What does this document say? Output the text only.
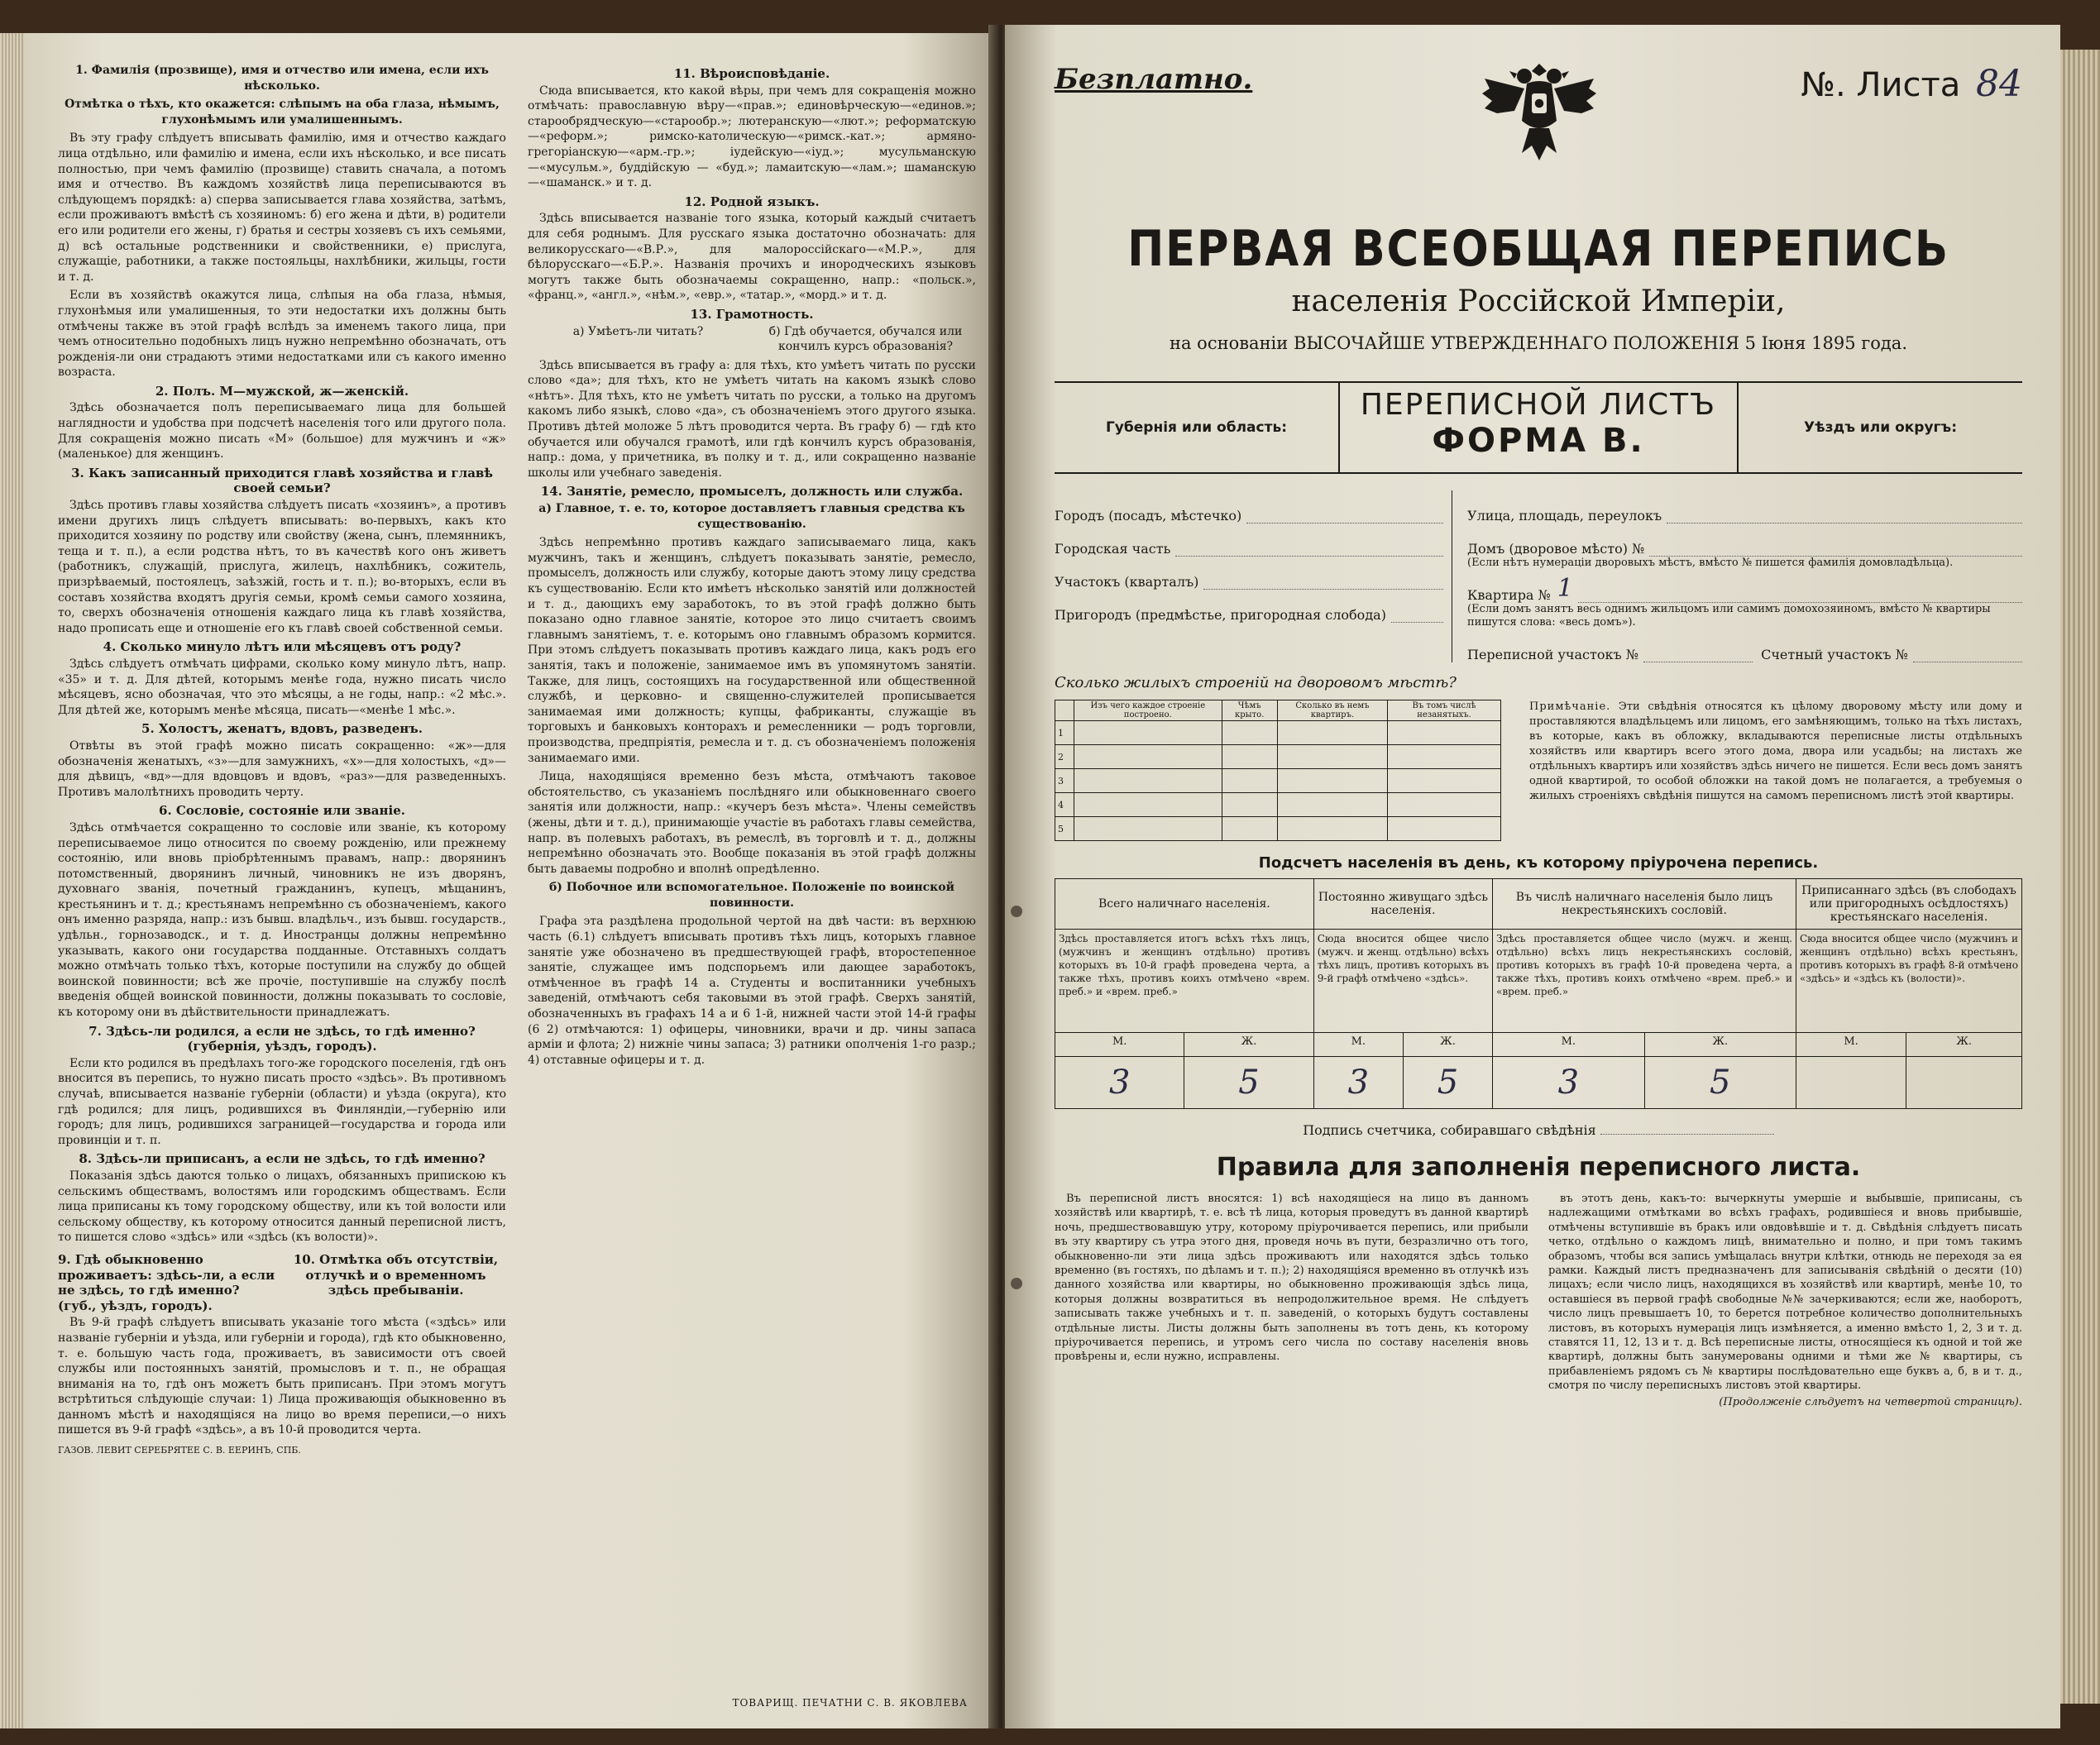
1. Фамилія (прозвище), имя и отчество или имена, если ихъ нѣсколько.

Отмѣтка о тѣхъ, кто окажется: слѣпымъ на оба глаза, нѣмымъ, глухонѣмымъ или умалишеннымъ.

Въ эту графу слѣдуетъ вписывать фамилію, имя и отчество каждаго лица отдѣльно, или фамилію и имена, если ихъ нѣсколько, и все писать полностью, при чемъ фамилію (прозвище) ставить сначала, а потомъ имя и отчество. Въ каждомъ хозяйствѣ лица переписываются въ слѣдующемъ порядкѣ: а) сперва записывается глава хозяйства, затѣмъ, если проживаютъ вмѣстѣ съ хозяиномъ: б) его жена и дѣти, в) родители его или родители его жены, г) братья и сестры хозяевъ съ ихъ семьями, д) всѣ остальные родственники и свойственники, е) прислуга, служащіе, работники, а также постояльцы, нахлѣбники, жильцы, гости и т. д.

Если въ хозяйствѣ окажутся лица, слѣпыя на оба глаза, нѣмыя, глухонѣмыя или умалишенныя, то эти недостатки ихъ должны быть отмѣчены также въ этой графѣ вслѣдъ за именемъ такого лица, при чемъ относительно подобныхъ лицъ нужно непремѣнно обозначать, отъ рожденія-ли они страдаютъ этими недостатками или съ какого именно возраста.

2. Полъ. М—мужской, ж—женскій.

Здѣсь обозначается полъ переписываемаго лица для большей наглядности и удобства при подсчетѣ населенія того или другого пола. Для сокращенія можно писать «М» (большое) для мужчинъ и «ж» (маленькое) для женщинъ.

3. Какъ записанный приходится главѣ хозяйства и главѣ своей семьи?

Здѣсь противъ главы хозяйства слѣдуетъ писать «хозяинъ», а противъ имени другихъ лицъ слѣдуетъ вписывать: во-первыхъ, какъ кто приходится хозяину по родству или свойству (жена, сынъ, племянникъ, теща и т. п.), а если родства нѣтъ, то въ качествѣ кого онъ живетъ (работникъ, служащій, прислуга, жилецъ, нахлѣбникъ, сожитель, призрѣваемый, постоялецъ, заѣзжій, гость и т. п.); во-вторыхъ, если въ составъ хозяйства входятъ другія семьи, кромѣ семьи самого хозяина, то, сверхъ обозначенія отношенія каждаго лица къ главѣ хозяйства, надо прописать еще и отношеніе его къ главѣ своей собственной семьи.

4. Сколько минуло лѣтъ или мѣсяцевъ отъ роду?

Здѣсь слѣдуетъ отмѣчать цифрами, сколько кому минуло лѣтъ, напр. «35» и т. д. Для дѣтей, которымъ менѣе года, нужно писать число мѣсяцевъ, ясно обозначая, что это мѣсяцы, а не годы, напр.: «2 мѣс.». Для дѣтей же, которымъ менѣе мѣсяца, писать—«менѣе 1 мѣс.».

5. Холостъ, женатъ, вдовъ, разведенъ.

Отвѣты въ этой графѣ можно писать сокращенно: «ж»—для обозначенія женатыхъ, «з»—для замужнихъ, «х»—для холостыхъ, «д»—для дѣвицъ, «вд»—для вдовцовъ и вдовъ, «раз»—для разведенныхъ. Противъ малолѣтнихъ проводить черту.

6. Сословіе, состояніе или званіе.

Здѣсь отмѣчается сокращенно то сословіе или званіе, къ которому переписываемое лицо относится по своему рожденію, или прежнему состоянію, или вновь пріобрѣтеннымъ правамъ, напр.: дворянинъ потомственный, дворянинъ личный, чиновникъ не изъ дворянъ, духовнаго званія, почетный гражданинъ, купецъ, мѣщанинъ, крестьянинъ и т. д.; крестьянамъ непремѣнно съ обозначеніемъ, какого онъ именно разряда, напр.: изъ бывш. владѣльч., изъ бывш. государств., удѣльн., горнозаводск., и т. д. Иностранцы должны непремѣнно указывать, какого они государства подданные. Отставныхъ солдатъ можно отмѣчать только тѣхъ, которые поступили на службу до общей воинской повинности; всѣ же прочіе, поступившіе на службу послѣ введенія общей воинской повинности, должны показывать то сословіе, къ которому они въ дѣйствительности принадлежатъ.

7. Здѣсь-ли родился, а если не здѣсь, то гдѣ именно? (губернія, уѣздъ, городъ).

Если кто родился въ предѣлахъ того-же городского поселенія, гдѣ онъ вносится въ перепись, то нужно писать просто «здѣсь». Въ противномъ случаѣ, вписывается названіе губерніи (области) и уѣзда (округа), кто гдѣ родился; для лицъ, родившихся въ Финляндіи,—губернію или городъ; для лицъ, родившихся заграницей—государства и города или провинціи и т. п.

8. Здѣсь-ли приписанъ, а если не здѣсь, то гдѣ именно?

Показанія здѣсь даются только о лицахъ, обязанныхъ припискою къ сельскимъ обществамъ, волостямъ или городскимъ обществамъ. Если лица приписаны къ тому городскому обществу, или къ той волости или сельскому обществу, къ которому относится данный переписной листъ, то пишется слово «здѣсь» или «здѣсь (къ волости)».

9. Гдѣ обыкновенно проживаетъ: здѣсь-ли, а если не здѣсь, то гдѣ именно? (губ., уѣздъ, городъ).
10. Отмѣтка объ отсутствіи, отлучкѣ и о временномъ здѣсь пребываніи.

Въ 9-й графѣ слѣдуетъ вписывать указаніе того мѣста («здѣсь» или названіе губерніи и уѣзда, или губерніи и города), гдѣ кто обыкновенно, т. е. большую часть года, проживаетъ, въ зависимости отъ своей службы или постоянныхъ занятій, промысловъ и т. п., не обращая вниманія на то, гдѣ онъ можетъ быть приписанъ. При этомъ могутъ встрѣтиться слѣдующіе случаи: 1) Лица проживающія обыкновенно въ данномъ мѣстѣ и находящіяся на лицо во время переписи,—о нихъ пишется въ 9-й графѣ «здѣсь», а въ 10-й проводится черта.

ГАЗОВ. ЛЕВИТ СЕРЕБРЯТЕЕ С. В. ЕЕРИНЪ, СПБ.

11. Вѣроисповѣданіе.

Сюда вписывается, кто какой вѣры, при чемъ для сокращенія можно отмѣчать: православную вѣру—«прав.»; единовѣрческую—«единов.»; старообрядческую—«старообр.»; лютеранскую—«лют.»; реформатскую—«реформ.»; римско-католическую—«римск.-кат.»; армяно-грегоріанскую—«арм.-гр.»; іудейскую—«іуд.»; мусульманскую—«мусульм.», буддійскую — «буд.»; ламаитскую—«лам.»; шаманскую—«шаманск.» и т. д.

12. Родной языкъ.

Здѣсь вписывается названіе того языка, который каждый считаетъ для себя роднымъ. Для русскаго языка достаточно обозначать: для великорусскаго—«В.Р.», для малороссійскаго—«М.Р.», для бѣлорусскаго—«Б.Р.». Названія прочихъ и инородческихъ языковъ могутъ также быть обозначаемы сокращенно, напр.: «польск.», «франц.», «англ.», «нѣм.», «евр.», «татар.», «морд.» и т. д.

13. Грамотность.

а) Умѣетъ-ли читать?	б) Гдѣ обучается, обучался или кончилъ курсъ образованія?

Здѣсь вписывается въ графу а: для тѣхъ, кто умѣетъ читать по русски слово «да»; для тѣхъ, кто не умѣетъ читать на какомъ языкѣ слово «нѣтъ». Для тѣхъ, кто не умѣетъ читать по русски, а только на другомъ какомъ либо языкѣ, слово «да», съ обозначеніемъ этого другого языка. Противъ дѣтей моложе 5 лѣтъ проводится черта. Въ графу б) — гдѣ кто обучается или обучался грамотѣ, или гдѣ кончилъ курсъ образованія, напр.: дома, у причетника, въ полку и т. д., или сокращенно названіе школы или учебнаго заведенія.

14. Занятіе, ремесло, промыселъ, должность или служба.

а) Главное, т. е. то, которое доставляетъ главныя средства къ существованію.

Здѣсь непремѣнно противъ каждаго записываемаго лица, какъ мужчинъ, такъ и женщинъ, слѣдуетъ показывать занятіе, ремесло, промыселъ, должность или службу, которые даютъ этому лицу средства къ существованію. Если кто имѣетъ нѣсколько занятій или должностей и т. д., дающихъ ему заработокъ, то въ этой графѣ должно быть показано одно главное занятіе, которое это лицо считаетъ своимъ главнымъ занятіемъ, т. е. которымъ оно главнымъ образомъ кормится. При этомъ слѣдуетъ показывать противъ каждаго лица, какъ родъ его занятія, такъ и положеніе, занимаемое имъ въ упомянутомъ занятіи. Также, для лицъ, состоящихъ на государственной или общественной службѣ, и церковно- и священно-служителей прописывается занимаемая ими должность; купцы, фабриканты, служащіе въ торговыхъ и банковыхъ конторахъ и ремесленники — родъ торговли, производства, предпріятія, ремесла и т. д. съ обозначеніемъ положенія занимаемаго ими.

Лица, находящіяся временно безъ мѣста, отмѣчаютъ таковое обстоятельство, съ указаніемъ послѣдняго или обыкновеннаго своего занятія или должности, напр.: «кучеръ безъ мѣста». Члены семействъ (жены, дѣти и т. д.), принимающіе участіе въ работахъ главы семейства, напр. въ полевыхъ работахъ, въ ремеслѣ, въ торговлѣ и т. д., должны непремѣнно обозначать это. Вообще показанія въ этой графѣ должны быть даваемы подробно и вполнѣ опредѣленно.

б) Побочное или вспомогательное. Положеніе по воинской повинности.

Графа эта раздѣлена продольной чертой на двѣ части: въ верхнюю часть (6.1) слѣдуетъ вписывать противъ тѣхъ лицъ, которыхъ главное занятіе уже обозначено въ предшествующей графѣ, второстепенное занятіе, служащее имъ подспорьемъ или дающее заработокъ, отмѣченное въ графѣ 14 а. Студенты и воспитанники учебныхъ заведеній, отмѣчаютъ себя таковыми въ этой графѣ. Сверхъ занятій, обозначенныхъ въ графахъ 14 а и 6 1-й, нижней части этой 14-й графы (6 2) отмѣчаются: 1) офицеры, чиновники, врачи и др. чины запаса арміи и флота; 2) нижніе чины запаса; 3) ратники ополченія 1-го разр.; 4) отставные офицеры и т. д.

ТОВАРИЩ. ПЕЧАТНИ С. В. ЯКОВЛЕВА
Безплатно.	№. Листа 84
ПЕРВАЯ ВСЕОБЩАЯ ПЕРЕПИСЬ
населенія Россійской Имперіи,
на основаніи ВЫСОЧАЙШЕ УТВЕРЖДЕННАГО ПОЛОЖЕНІЯ 5 Іюня 1895 года.
Губернія или область:
ПЕРЕПИСНОЙ ЛИСТЪ
ФОРМА В.	Уѣздъ или округъ:
Городъ (посадъ, мѣстечко)
Городская часть
Участокъ (кварталъ)
Пригородъ (предмѣстье, пригородная слобода)
Улица, площадь, переулокъ
Домъ (дворовое мѣсто) №
(Если нѣтъ нумераціи дворовыхъ мѣстъ, вмѣсто № пишется фамилія домовладѣльца).
Квартира № 1
(Если домъ занятъ весь однимъ жильцомъ или самимъ домохозяиномъ, вмѣсто № квартиры пишутся слова: «весь домъ»).
Переписной участокъ №	Счетный участокъ №
Сколько жилыхъ строеній на дворовомъ мѣстѣ?
	Изъ чего каждое строеніе построено.	Чѣмъ крыто.	Сколько въ немъ квартиръ.	Въ томъ числѣ незанятыхъ.
1				
2				
3				
4				
5				
Примѣчаніе. Эти свѣдѣнія относятся къ цѣлому дворовому мѣсту или дому и проставляются владѣльцемъ или лицомъ, его замѣняющимъ, только на тѣхъ листахъ, въ которые, какъ въ обложку, вкладываются переписные листы отдѣльныхъ хозяйствъ или квартиръ всего этого дома, двора или усадьбы; на листахъ же отдѣльныхъ квартиръ или хозяйствъ здѣсь ничего не пишется. Если весь домъ занятъ одной квартирой, то особой обложки на такой домъ не полагается, а требуемыя о жилыхъ строеніяхъ свѣдѣнія пишутся на самомъ переписномъ листѣ этой квартиры.
Подсчетъ населенія въ день, къ которому пріурочена перепись.
Всего наличнаго населенія.		Постоянно живущаго здѣсь населенія.		Въ числѣ наличнаго населенія было лицъ некрестьянскихъ сословій.		Приписаннаго здѣсь (въ слободахъ или пригородныхъ осѣдлостяхъ) крестьянскаго населенія.	
Здѣсь проставляется итогъ всѣхъ тѣхъ лицъ, (мужчинъ и женщинъ отдѣльно) противъ которыхъ въ 10-й графѣ проведена черта, а также тѣхъ, противъ коихъ отмѣчено «врем. преб.» и «врем. преб.»		Сюда вносится общее число (мужч. и женщ. отдѣльно) всѣхъ тѣхъ лицъ, противъ которыхъ въ 9-й графѣ отмѣчено «здѣсь».		Здѣсь проставляется общее число (мужч. и женщ. отдѣльно) всѣхъ лицъ некрестьянскихъ сословій, противъ которыхъ въ графѣ 10-й проведена черта, а также тѣхъ, противъ коихъ отмѣчено «врем. преб.» и «врем. преб.»		Сюда вносится общее число (мужчинъ и женщинъ отдѣльно) всѣхъ крестьянъ, противъ которыхъ въ графѣ 8-й отмѣчено «здѣсь» и «здѣсь къ (волости)».	
М.	Ж.	М.	Ж.	М.	Ж.	М.	Ж.
3	5	3	5	3	5		
Подпись счетчика, собиравшаго свѣдѣнія
Правила для заполненія переписного листа.

Въ переписной листъ вносятся: 1) всѣ находящіеся на лицо въ данномъ хозяйствѣ или квартирѣ, т. е. всѣ тѣ лица, которыя проведутъ въ данной квартирѣ ночь, предшествовавшую утру, которому пріурочивается перепись, или прибыли въ эту квартиру съ утра этого дня, проведя ночь въ пути, безразлично отъ того, обыкновенно-ли эти лица здѣсь проживаютъ или находятся здѣсь только временно (въ гостяхъ, по дѣламъ и т. п.); 2) находящіяся временно въ отлучкѣ изъ данного хозяйства или квартиры, но обыкновенно проживающія здѣсь лица, которыя должны возвратиться въ непродолжительное время. Не слѣдуетъ записывать также учебныхъ и т. п. заведеній, о которыхъ будутъ составлены отдѣльные листы. Листы должны быть заполнены въ тотъ день, къ которому пріурочивается перепись, и утромъ сего числа по составу населенія вновь провѣрены и, если нужно, исправлены.

въ этотъ день, какъ-то: вычеркнуты умершіе и выбывшіе, приписаны, съ надлежащими отмѣтками во всѣхъ графахъ, родившіеся и вновь прибывшіе, отмѣчены вступившіе въ бракъ или овдовѣвшіе и т. д. Свѣдѣнія слѣдуетъ писать четко, отдѣльно о каждомъ лицѣ, внимательно и полно, и при томъ такимъ образомъ, чтобы вся запись умѣщалась внутри клѣтки, отнюдь не переходя за ея рамки. Каждый листъ предназначенъ для записыванія свѣдѣній о десяти (10) лицахъ; если число лицъ, находящихся въ хозяйствѣ или квартирѣ, менѣе 10, то оставшіеся въ первой графѣ свободные №№ зачеркиваются; если же, наоборотъ, число лицъ превышаетъ 10, то берется потребное количество дополнительныхъ листовъ, въ которыхъ нумерація лицъ измѣняется, а именно вмѣсто 1, 2, 3 и т. д. ставятся 11, 12, 13 и т. д. Всѣ переписные листы, относящіеся къ одной и той же квартирѣ, должны быть занумерованы одними и тѣми же № квартиры, съ прибавленіемъ рядомъ съ № квартиры послѣдовательно еще буквъ а, б, в и т. д., смотря по числу переписныхъ листовъ этой квартиры.

(Продолженіе слѣдуетъ на четвертой страницѣ).
